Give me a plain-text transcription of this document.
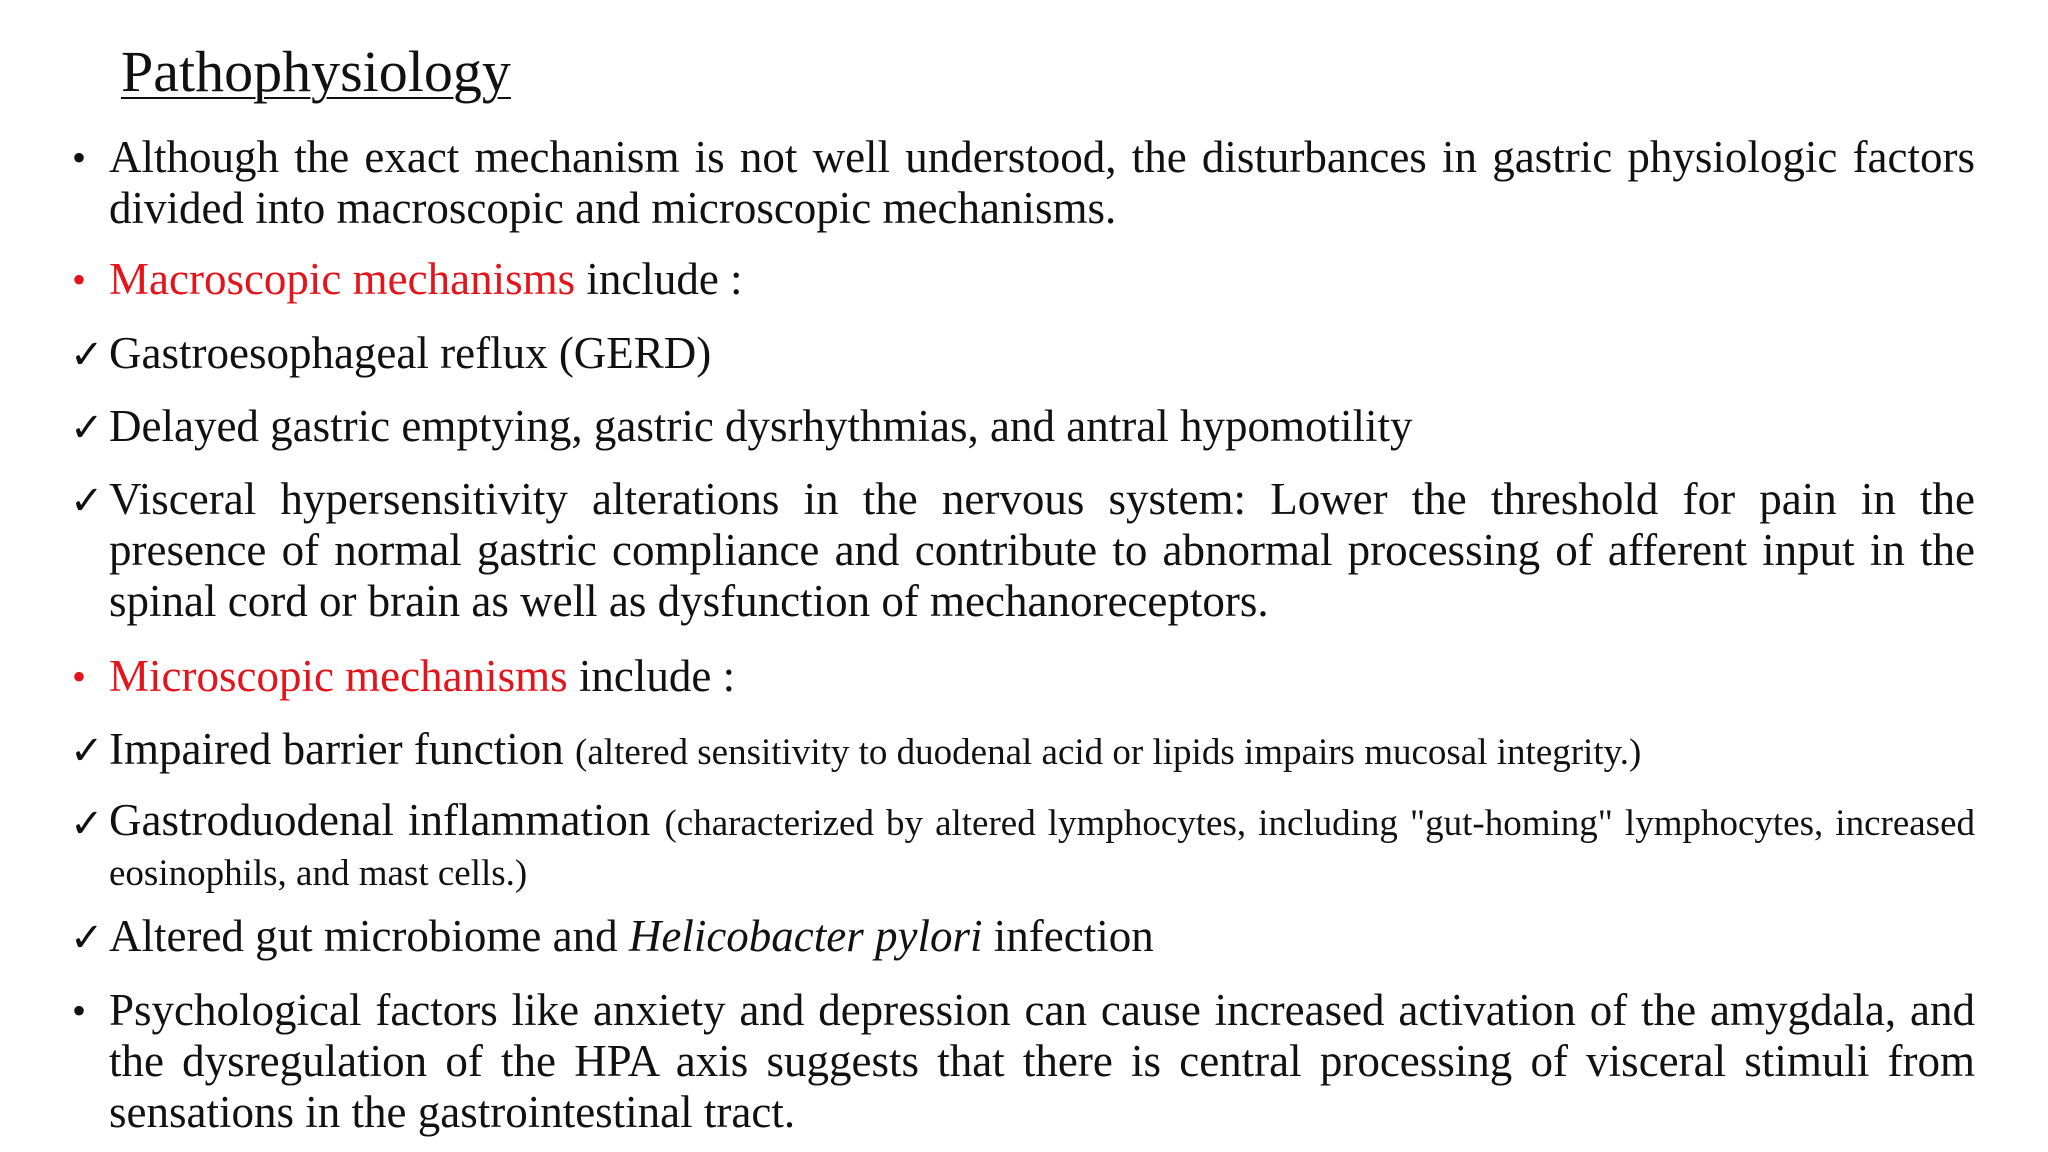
Pathophysiology
• Although the exact mechanism is not well understood, the disturbances in gastric physiologic factors divided into macroscopic and microscopic mechanisms.
• Macroscopic mechanisms include :
✓ Gastroesophageal reflux (GERD)
✓ Delayed gastric emptying, gastric dysrhythmias, and antral hypomotility
✓ Visceral hypersensitivity alterations in the nervous system: Lower the threshold for pain in the presence of normal gastric compliance and contribute to abnormal processing of afferent input in the spinal cord or brain as well as dysfunction of mechanoreceptors.
• Microscopic mechanisms include :
✓ Impaired barrier function (altered sensitivity to duodenal acid or lipids impairs mucosal integrity.)
✓ Gastroduodenal inflammation (characterized by altered lymphocytes, including "gut-homing" lymphocytes, increased eosinophils, and mast cells.)
✓ Altered gut microbiome and Helicobacter pylori infection
• Psychological factors like anxiety and depression can cause increased activation of the amygdala, and the dysregulation of the HPA axis suggests that there is central processing of visceral stimuli from sensations in the gastrointestinal tract.
